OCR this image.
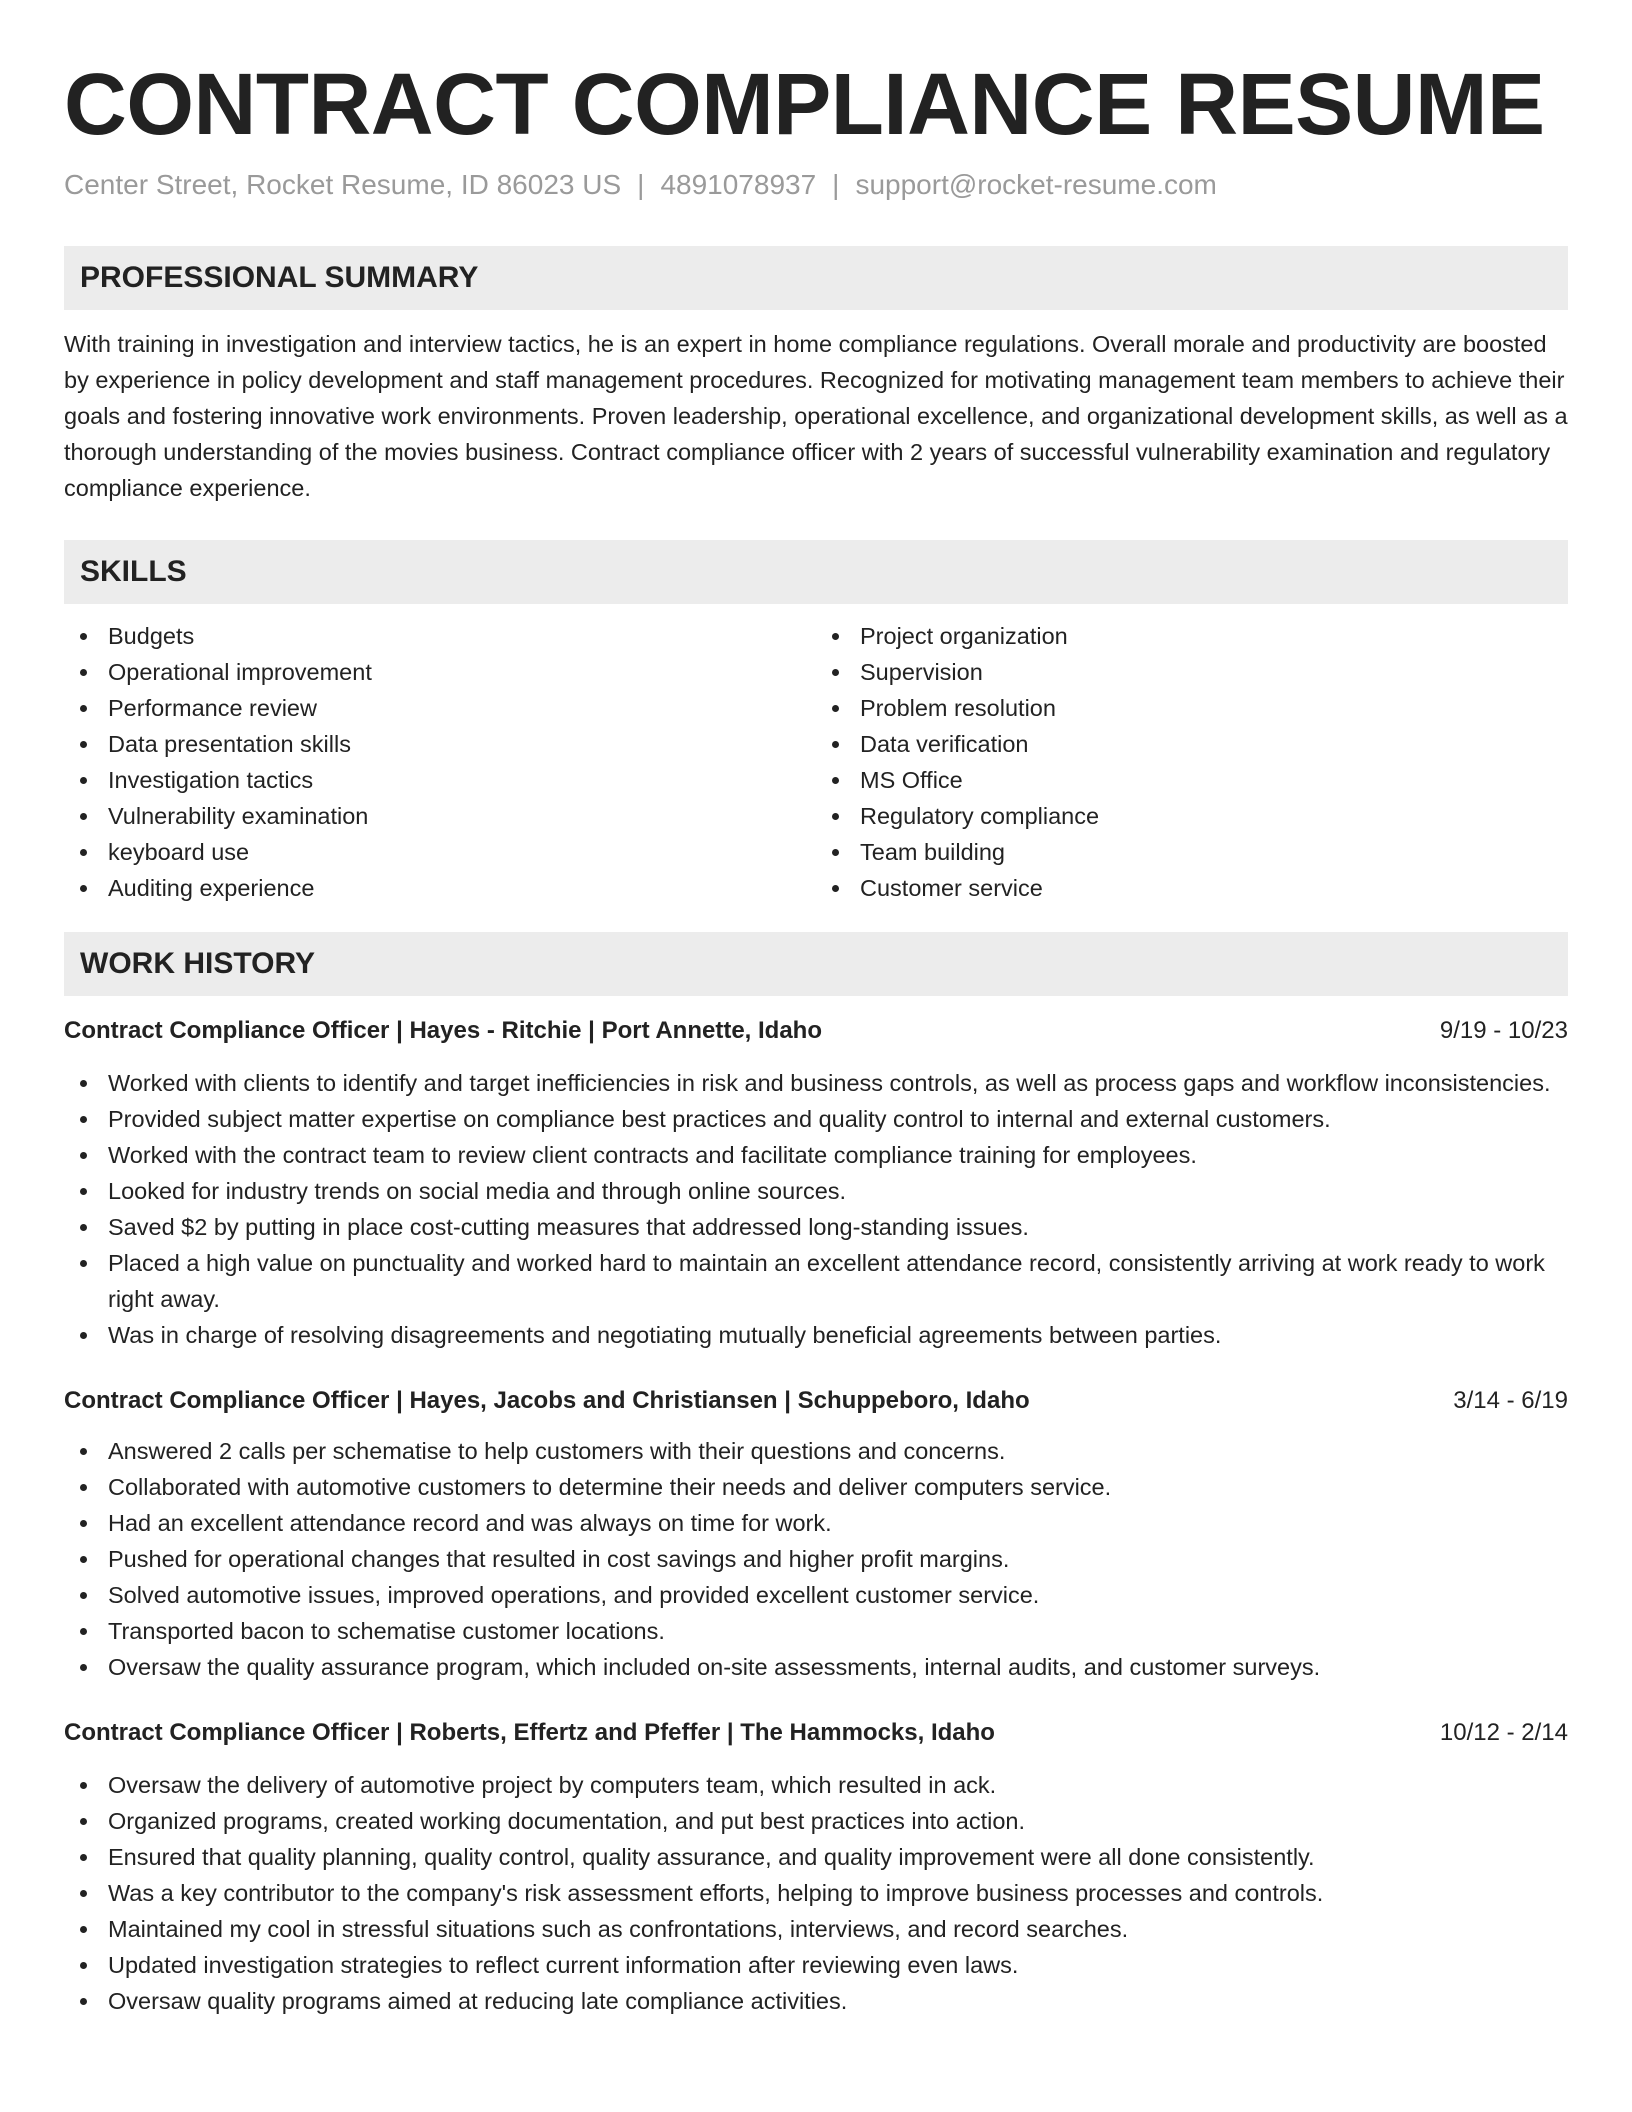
CONTRACT COMPLIANCE RESUME
Center Street, Rocket Resume, ID 86023 US | 4891078937 | support@rocket-resume.com
PROFESSIONAL SUMMARY

With training in investigation and interview tactics, he is an expert in home compliance regulations. Overall morale and productivity are boosted by experience in policy development and staff management procedures. Recognized for motivating management team members to achieve their goals and fostering innovative work environments. Proven leadership, operational excellence, and organizational development skills, as well as a thorough understanding of the movies business. Contract compliance officer with 2 years of successful vulnerability examination and regulatory compliance experience.

SKILLS
Budgets
Operational improvement
Performance review
Data presentation skills
Investigation tactics
Vulnerability examination
keyboard use
Auditing experience
Project organization
Supervision
Problem resolution
Data verification
MS Office
Regulatory compliance
Team building
Customer service
WORK HISTORY
Contract Compliance Officer | Hayes - Ritchie | Port Annette, Idaho	9/19 - 10/23
Worked with clients to identify and target inefficiencies in risk and business controls, as well as process gaps and workflow inconsistencies.
Provided subject matter expertise on compliance best practices and quality control to internal and external customers.
Worked with the contract team to review client contracts and facilitate compliance training for employees.
Looked for industry trends on social media and through online sources.
Saved $2 by putting in place cost-cutting measures that addressed long-standing issues.
Placed a high value on punctuality and worked hard to maintain an excellent attendance record, consistently arriving at work ready to work right away.
Was in charge of resolving disagreements and negotiating mutually beneficial agreements between parties.
Contract Compliance Officer | Hayes, Jacobs and Christiansen | Schuppeboro, Idaho	3/14 - 6/19
Answered 2 calls per schematise to help customers with their questions and concerns.
Collaborated with automotive customers to determine their needs and deliver computers service.
Had an excellent attendance record and was always on time for work.
Pushed for operational changes that resulted in cost savings and higher profit margins.
Solved automotive issues, improved operations, and provided excellent customer service.
Transported bacon to schematise customer locations.
Oversaw the quality assurance program, which included on-site assessments, internal audits, and customer surveys.
Contract Compliance Officer | Roberts, Effertz and Pfeffer | The Hammocks, Idaho	10/12 - 2/14
Oversaw the delivery of automotive project by computers team, which resulted in ack.
Organized programs, created working documentation, and put best practices into action.
Ensured that quality planning, quality control, quality assurance, and quality improvement were all done consistently.
Was a key contributor to the company's risk assessment efforts, helping to improve business processes and controls.
Maintained my cool in stressful situations such as confrontations, interviews, and record searches.
Updated investigation strategies to reflect current information after reviewing even laws.
Oversaw quality programs aimed at reducing late compliance activities.
